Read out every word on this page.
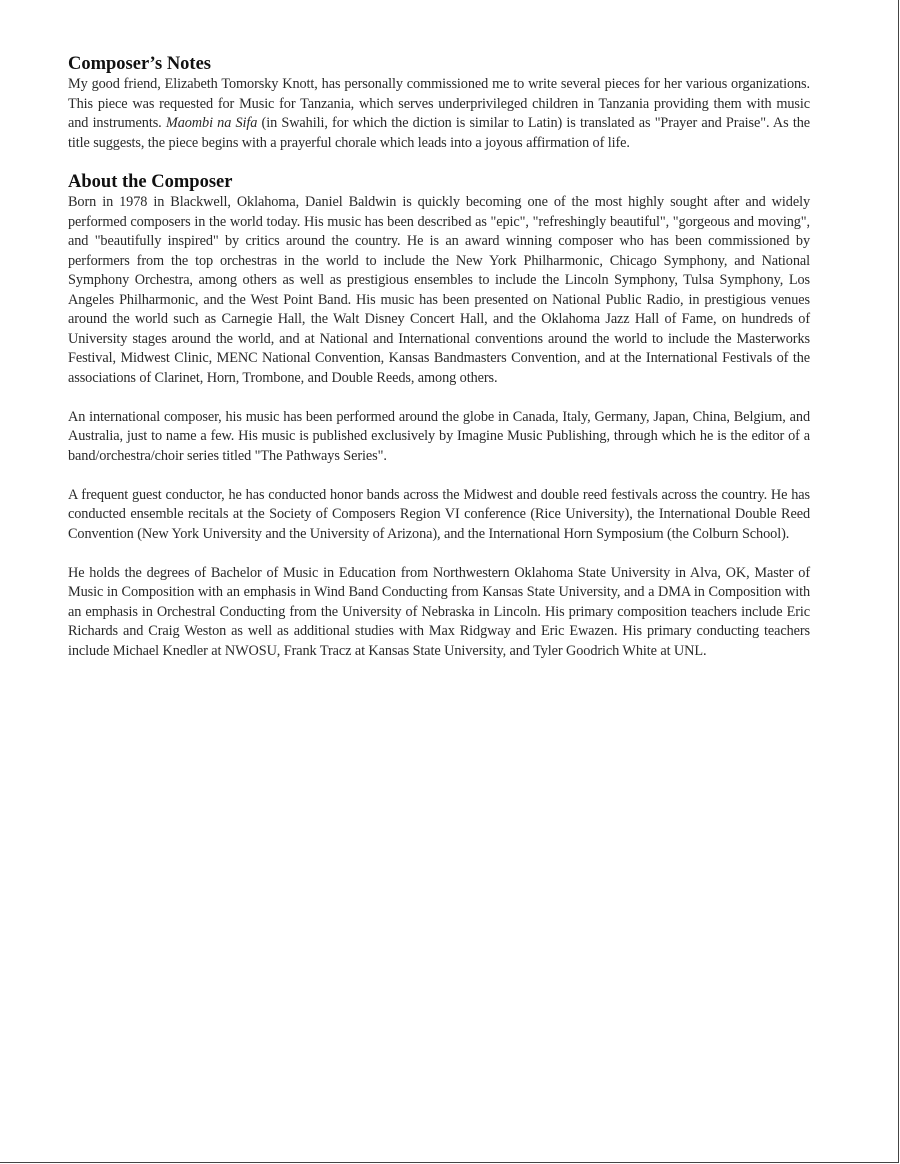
Composer’s Notes

My good friend, Elizabeth Tomorsky Knott, has personally commissioned me to write several pieces for her various organizations. This piece was requested for Music for Tanzania, which serves underprivileged children in Tanzania providing them with music and instruments. Maombi na Sifa (in Swahili, for which the diction is similar to Latin) is translated as "Prayer and Praise". As the title suggests, the piece begins with a prayerful chorale which leads into a joyous affirmation of life.

About the Composer

Born in 1978 in Blackwell, Oklahoma, Daniel Baldwin is quickly becoming one of the most highly sought after and widely performed composers in the world today. His music has been described as "epic", "refreshingly beautiful", "gorgeous and moving", and "beautifully inspired" by critics around the country. He is an award winning composer who has been commissioned by performers from the top orchestras in the world to include the New York Philharmonic, Chicago Symphony, and National Symphony Orchestra, among others as well as prestigious ensembles to include the Lincoln Symphony, Tulsa Symphony, Los Angeles Philharmonic, and the West Point Band. His music has been presented on National Public Radio, in prestigious venues around the world such as Carnegie Hall, the Walt Disney Concert Hall, and the Oklahoma Jazz Hall of Fame, on hundreds of University stages around the world, and at National and International conventions around the world to include the Masterworks Festival, Midwest Clinic, MENC National Convention, Kansas Bandmasters Convention, and at the International Festivals of the associations of Clarinet, Horn, Trombone, and Double Reeds, among others.

An international composer, his music has been performed around the globe in Canada, Italy, Germany, Japan, China, Belgium, and Australia, just to name a few. His music is published exclusively by Imagine Music Publishing, through which he is the editor of a band/orchestra/choir series titled "The Pathways Series".

A frequent guest conductor, he has conducted honor bands across the Midwest and double reed festivals across the country. He has conducted ensemble recitals at the Society of Composers Region VI conference (Rice University), the International Double Reed Convention (New York University and the University of Arizona), and the International Horn Symposium (the Colburn School).

He holds the degrees of Bachelor of Music in Education from Northwestern Oklahoma State University in Alva, OK, Master of Music in Composition with an emphasis in Wind Band Conducting from Kansas State University, and a DMA in Composition with an emphasis in Orchestral Conducting from the University of Nebraska in Lincoln. His primary composition teachers include Eric Richards and Craig Weston as well as additional studies with Max Ridgway and Eric Ewazen. His primary conducting teachers include Michael Knedler at NWOSU, Frank Tracz at Kansas State University, and Tyler Goodrich White at UNL.
